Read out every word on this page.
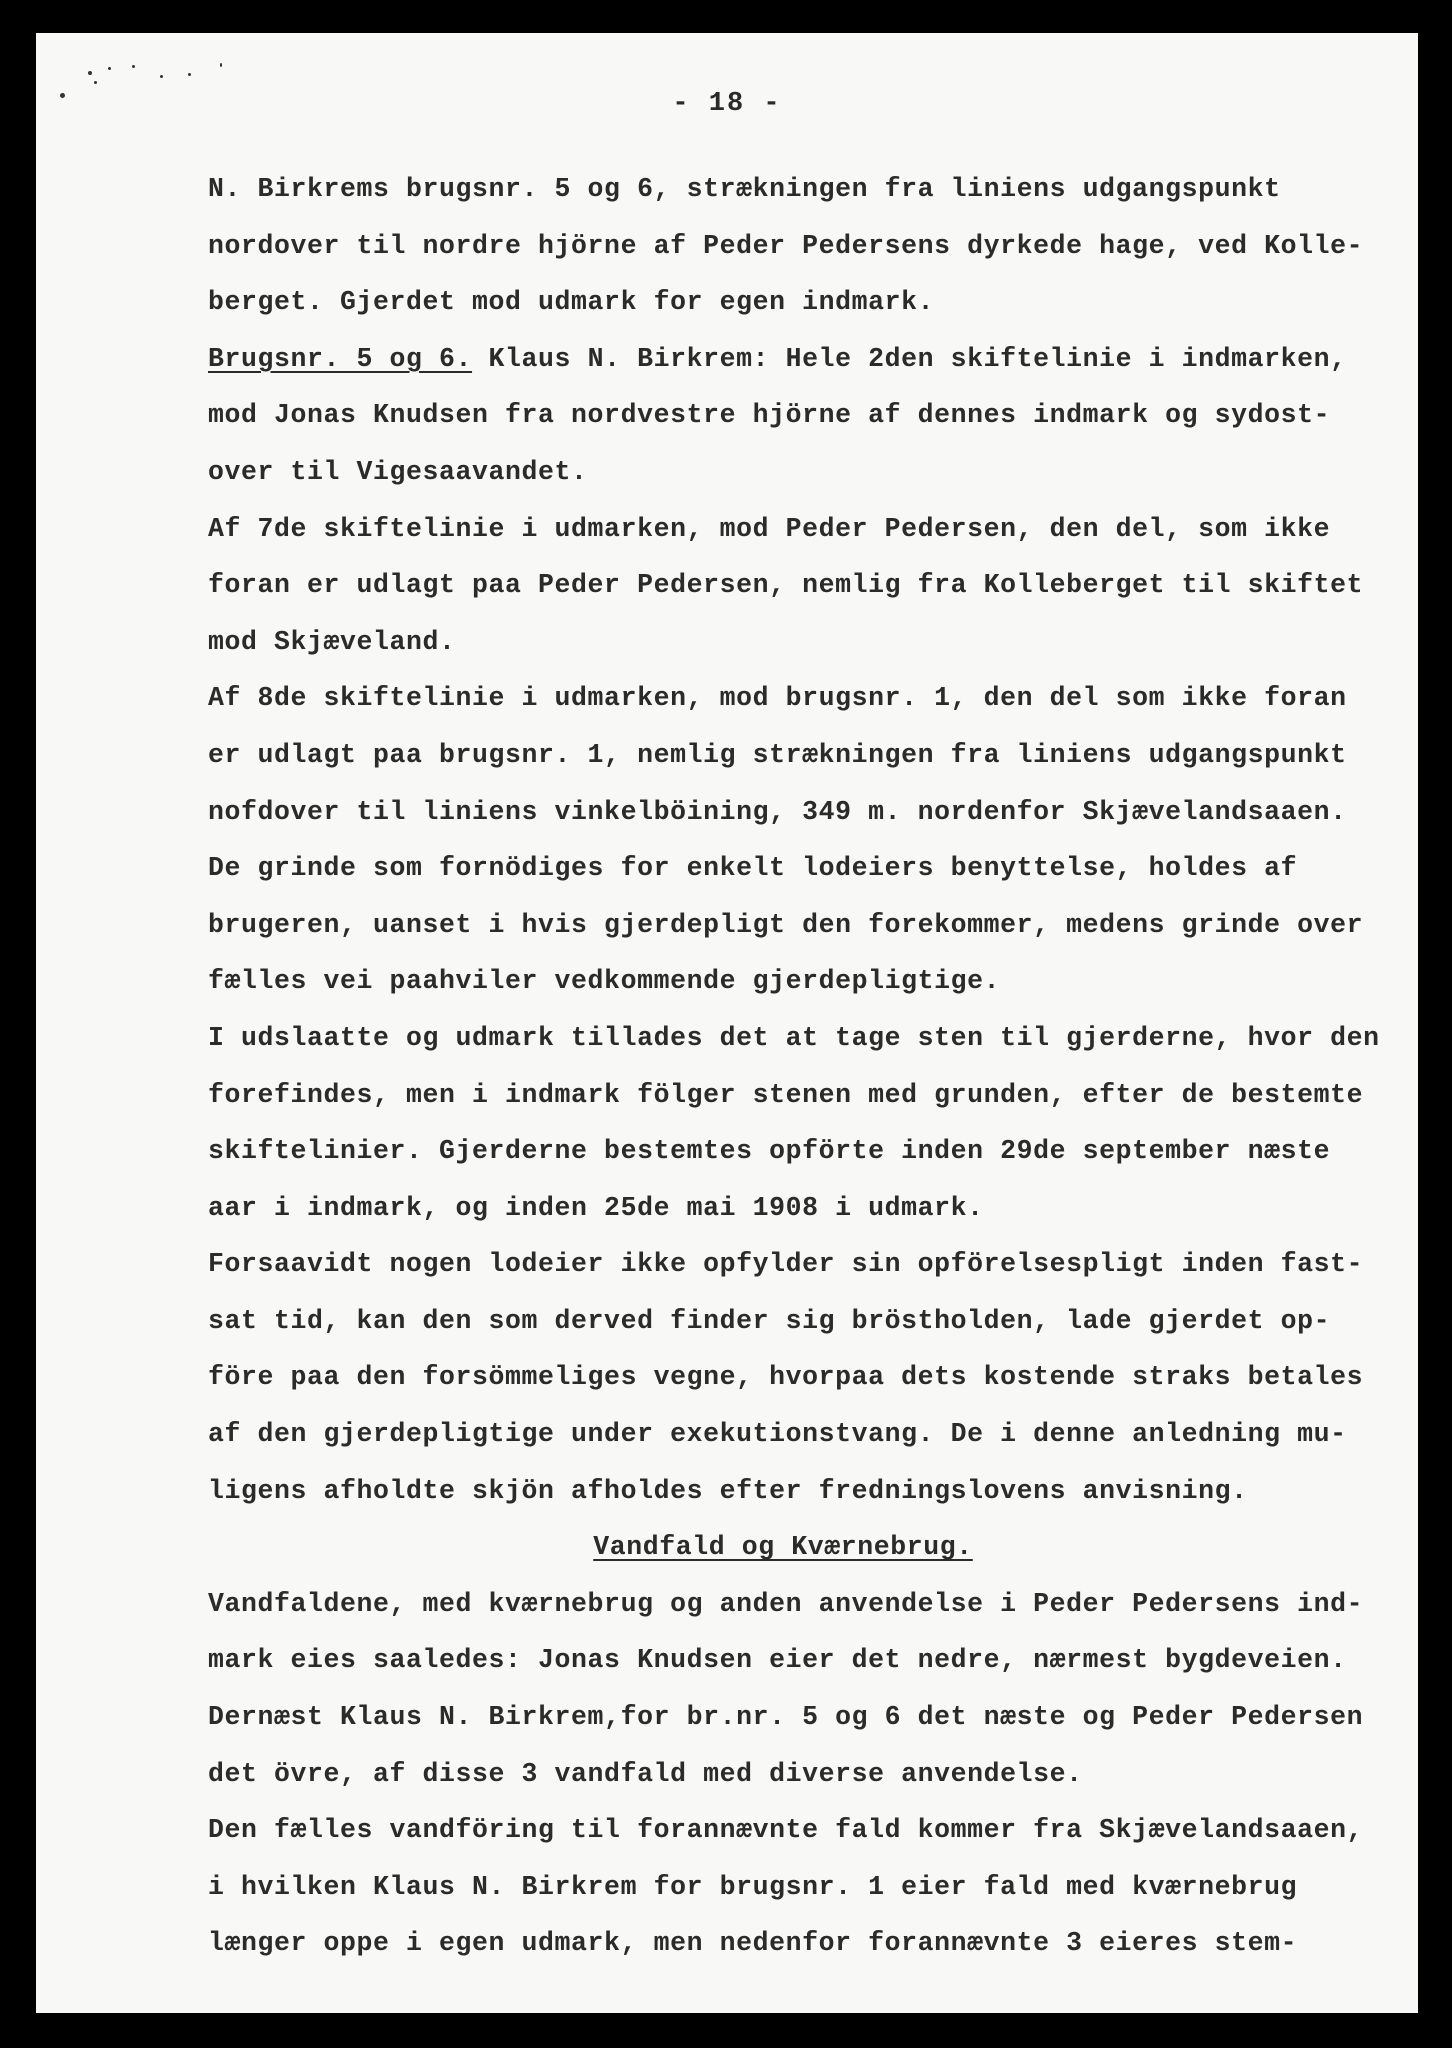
- 18 -
N. Birkrems brugsnr. 5 og 6, strækningen fra liniens udgangspunkt
nordover til nordre hjörne af Peder Pedersens dyrkede hage, ved Kolle-
berget. Gjerdet mod udmark for egen indmark.
Brugsnr. 5 og 6. Klaus N. Birkrem: Hele 2den skiftelinie i indmarken,
mod Jonas Knudsen fra nordvestre hjörne af dennes indmark og sydost-
over til Vigesaavandet.
Af 7de skiftelinie i udmarken, mod Peder Pedersen, den del, som ikke
foran er udlagt paa Peder Pedersen, nemlig fra Kolleberget til skiftet
mod Skjæveland.
Af 8de skiftelinie i udmarken, mod brugsnr. 1, den del som ikke foran
er udlagt paa brugsnr. 1, nemlig strækningen fra liniens udgangspunkt
nofdover til liniens vinkelböining, 349 m. nordenfor Skjævelandsaaen.
De grinde som fornödiges for enkelt lodeiers benyttelse, holdes af
brugeren, uanset i hvis gjerdepligt den forekommer, medens grinde over
fælles vei paahviler vedkommende gjerdepligtige.
I udslaatte og udmark tillades det at tage sten til gjerderne, hvor den
forefindes, men i indmark fölger stenen med grunden, efter de bestemte
skiftelinier. Gjerderne bestemtes opförte inden 29de september næste
aar i indmark, og inden 25de mai 1908 i udmark.
Forsaavidt nogen lodeier ikke opfylder sin opförelsespligt inden fast-
sat tid, kan den som derved finder sig bröstholden, lade gjerdet op-
före paa den forsömmeliges vegne, hvorpaa dets kostende straks betales
af den gjerdepligtige under exekutionstvang. De i denne anledning mu-
ligens afholdte skjön afholdes efter fredningslovens anvisning.
Vandfald og Kværnebrug.
Vandfaldene, med kværnebrug og anden anvendelse i Peder Pedersens ind-
mark eies saaledes: Jonas Knudsen eier det nedre, nærmest bygdeveien.
Dernæst Klaus N. Birkrem,for br.nr. 5 og 6 det næste og Peder Pedersen
det övre, af disse 3 vandfald med diverse anvendelse.
Den fælles vandföring til forannævnte fald kommer fra Skjævelandsaaen,
i hvilken Klaus N. Birkrem for brugsnr. 1 eier fald med kværnebrug
længer oppe i egen udmark, men nedenfor forannævnte 3 eieres stem-
